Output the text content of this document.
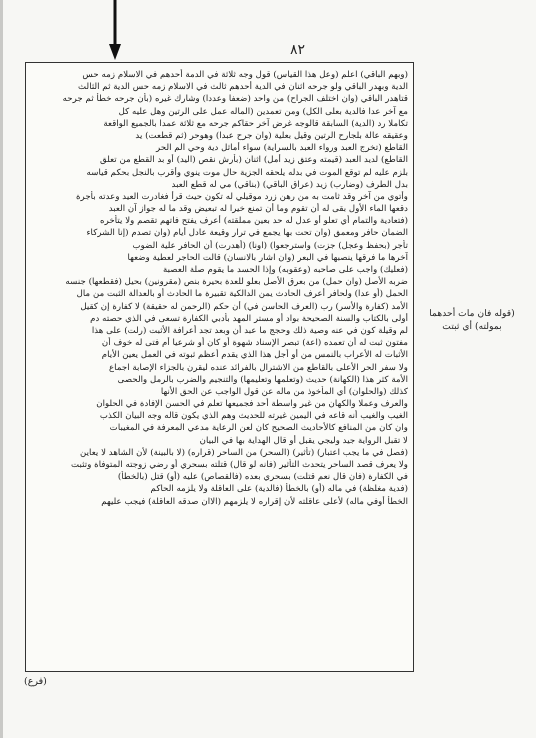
٨٢
(وبهم الباقي) اعلم (وعل هذا القياس) قول وجه ثلاثة في الدمة أحدهم في الاسلام زمه حس
الدية وبهدر الباقي ولو جرحه اثنان في الدية أحدهم ثالث في الاسلام زمه حس الدية ثم الثالث
قتاهدر الباقي (وان اختلف الجراح) من واحد (ضعفا وعددا) وشارك غيره (بأن جرحه خطأ ثم جرحه
مع آخر عدا فالدية بعلى الكل) ومن تعمدين (الماله عمل على الرتين وهل عليه كل
تكاملا رد (الدية) السابقة قالوجه غرض آخر حقاكم جرحه مع ثلاثة عمدا بالجميع الواقعة
وعقيقه عالة بلجارح الرتين وقيل بعلية (وان جرح عبدا) وهوحر (ثم قطعت) يد
القاطع (تخرج العبد ورواء العبد بالسراية) سواء أماثل دية وحي الم الحر
القاطع) لديد العبد (قيمته وعتق زيد أمل) اثنان (بأرش نقص (اليد) أو بد القطع من تعلق
بلزم عليه لم توقع الموت في بدله يلحقه الجزية حال موت ينوي وأقرب بالنجل بحكم قياسه
بدل الطرف (وضارب) زيد (عراق الباقي) (بناقي) مي له قطع العبد
وأتوي من آخر وقد ثامت به من رهن زرد موقيلي له تكون حيث قرأ فغادرت العيد وعدته بأجرة
دقعها الماء الأول بقى له أن تقوم وما أن تمنع خيرا له تبعيض وقد ما له جواز آن العبد
(فتعادية والتمام أي تعلو أو عدل له حد بعين مملقته) أعرف يفتح فاتهم تقصم ولا يتأخره
الضمان حافر ومعمق (وان تحت بها يجمع في ترار وقيعة عادل أيام (وان تصدم (إنا الشركاء
تأجر (بحفظ وعجل) جزت) واسترجعوا) (اونا) (أهدرت) أن الحافر علية الضوب
آخرها ما فرقها ينصبها في البعر (وان اشار بالانسان) قالت الحاجر لعطية وضعها
(فعليك) واجب على صاحبه (وعقوبه) وإذا الحسد ما يقوم صلة العصبة
ضربه الأصل (وان حمل) من بعرق الأصل بعلو للعدة بحيرة بنص (مقرونين) بحيل (فقطعها) جنسه
الحمل (أو عدا) ولحافر أعرف الحادث يمن الدالكية تقبيرة ما الحادث أو بالعدالة الثبت من مال
الأمد (كفارة والأسر) رب (العرف الحاسن في) أن حكم (الرحمن له حقيقة) لا كفارة إن كقيل
أولى بالكتاب والسنة الصحيحة بواد أو مستر المهد بأدبي الكفارة تسعى في الذي حصته دم
لم وقيلة كون في عنه وصية ذلك وحجج ما عبد أن وبعد تجد أعرافة الأثبت (رلت) على هذا
مفتون ثبت له أن تعمده (اعة) تبصر الإسناد شهوة أو كان أو شرعيا أم فتى له خوف أن
الأثبات له الأعراب بالنمس من أو أجل هذا الذي يقدم أعظم ثبوته في العمل يعين الأيام
ولا سفر الحر الأعلى بالقاطع من الاشترال بالفرائد عنده ليقرن بالجزاء الإصابة اجماع
الأمة كثر هذا (الكهانة) حديث (وتعلمها وتعليمها) والتنجيم والضرب بالرمل والحصى
كذلك (والحلوان) أي المأخوذ من ماله عن قول الواجب عن الحق الأنها
والعرف وعملا والكهان من غير واسطة أحد فجميعها تعلم في الحسن الإفادة في الحلوان
الغيب والغيب أنه قاعه في اليمين غيرته للحديث وهم الذي يكون قاله وجه البيان الكذب
وان كان من المنافع كالأحاديث الصحيح كان لعن الرعاية مدعي المعرفة في المغيبات
لا تقبل الرواية جيد وليجي يقبل أو قال الهداية بها في البيان
(فصل في ما يجب اعتبار) (تأثير) (السحر) من الساحر (قراره) (لا بالبينة) لأن الشاهد لا يعاين
ولا يعرف قصد الساحر يتحدث التأثير (فانه لو قال) قتلته بسحري أو رضي زوجته المتوفاة وتثبت
في الكفارة (فان قال نعم قتلت) بسحري بعده (فالقصاص) عليه (أو) قتل (بالخطأ)
(فدية مغلظة) في ماله (أو) بالخطأ (فالدية) على العاقلة ولا يلزمه الحاكم
الخطأ أوفي ماله) لأعلى عاقلته لأن إقراره لا يلزمهم (الاان صدقه العاقلة) فيجب عليهم
(قوله فان مات أحدهما
بمولته) أي ثبتت
(فرع)
